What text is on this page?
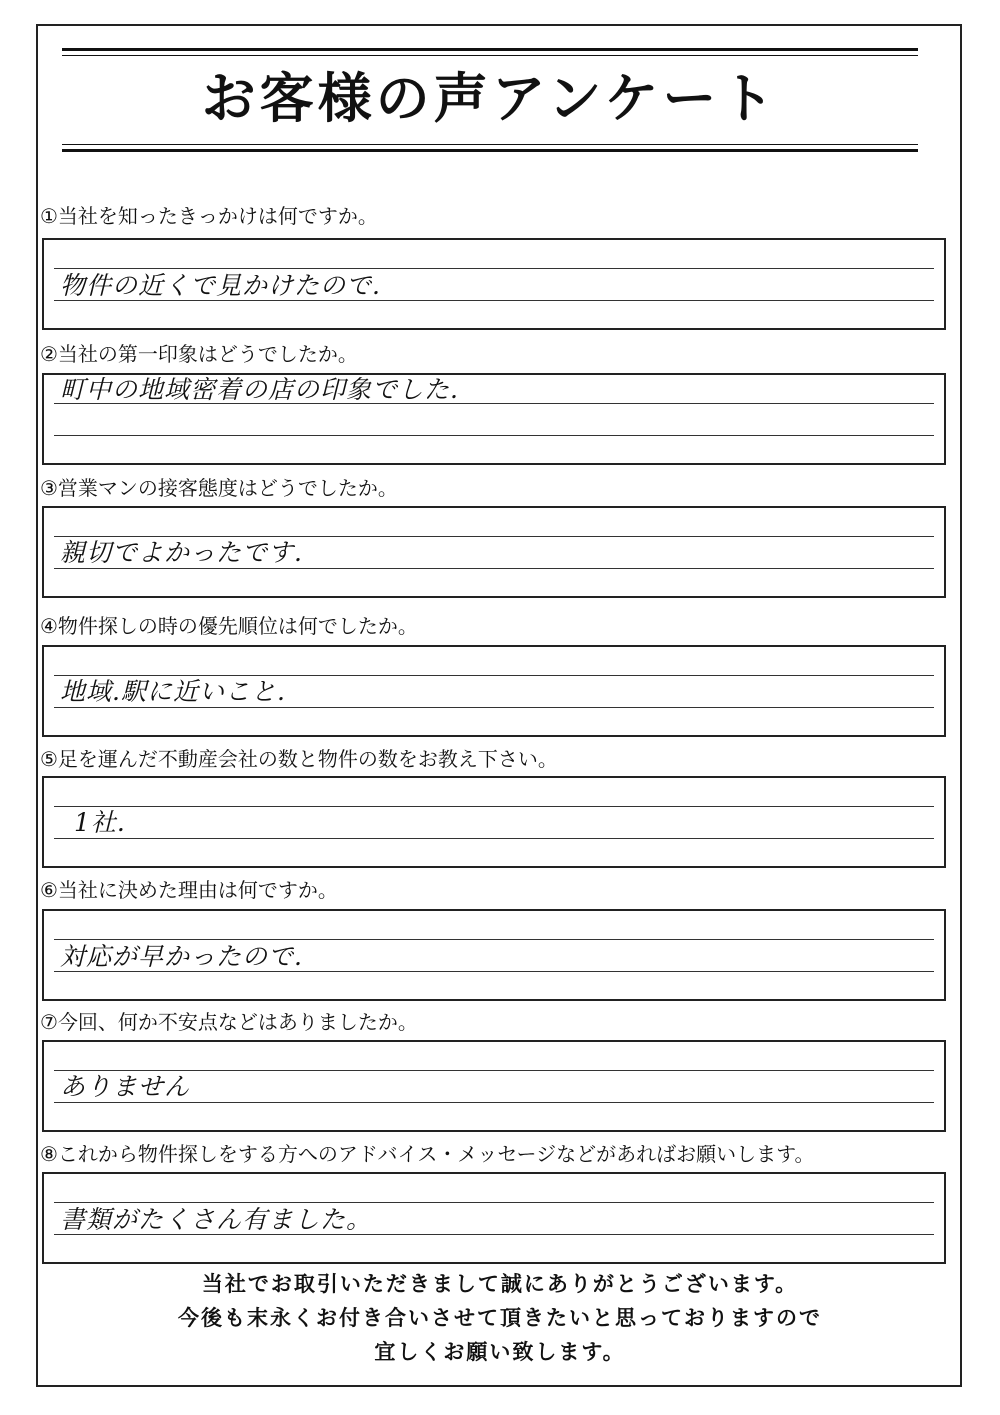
お客様の声アンケート
①当社を知ったきっかけは何ですか。
物件の近くで見かけたので.
②当社の第一印象はどうでしたか。
町中の地域密着の店の印象でした.
③営業マンの接客態度はどうでしたか。
親切でよかったです.
④物件探しの時の優先順位は何でしたか。
地域.駅に近いこと.
⑤足を運んだ不動産会社の数と物件の数をお教え下さい。
1社.
⑥当社に決めた理由は何ですか。
対応が早かったので.
⑦今回、何か不安点などはありましたか。
ありません
⑧これから物件探しをする方へのアドバイス・メッセージなどがあればお願いします。
書類がたくさん有ました。
当社でお取引いただきまして誠にありがとうございます。
今後も末永くお付き合いさせて頂きたいと思っておりますので
宜しくお願い致します。
